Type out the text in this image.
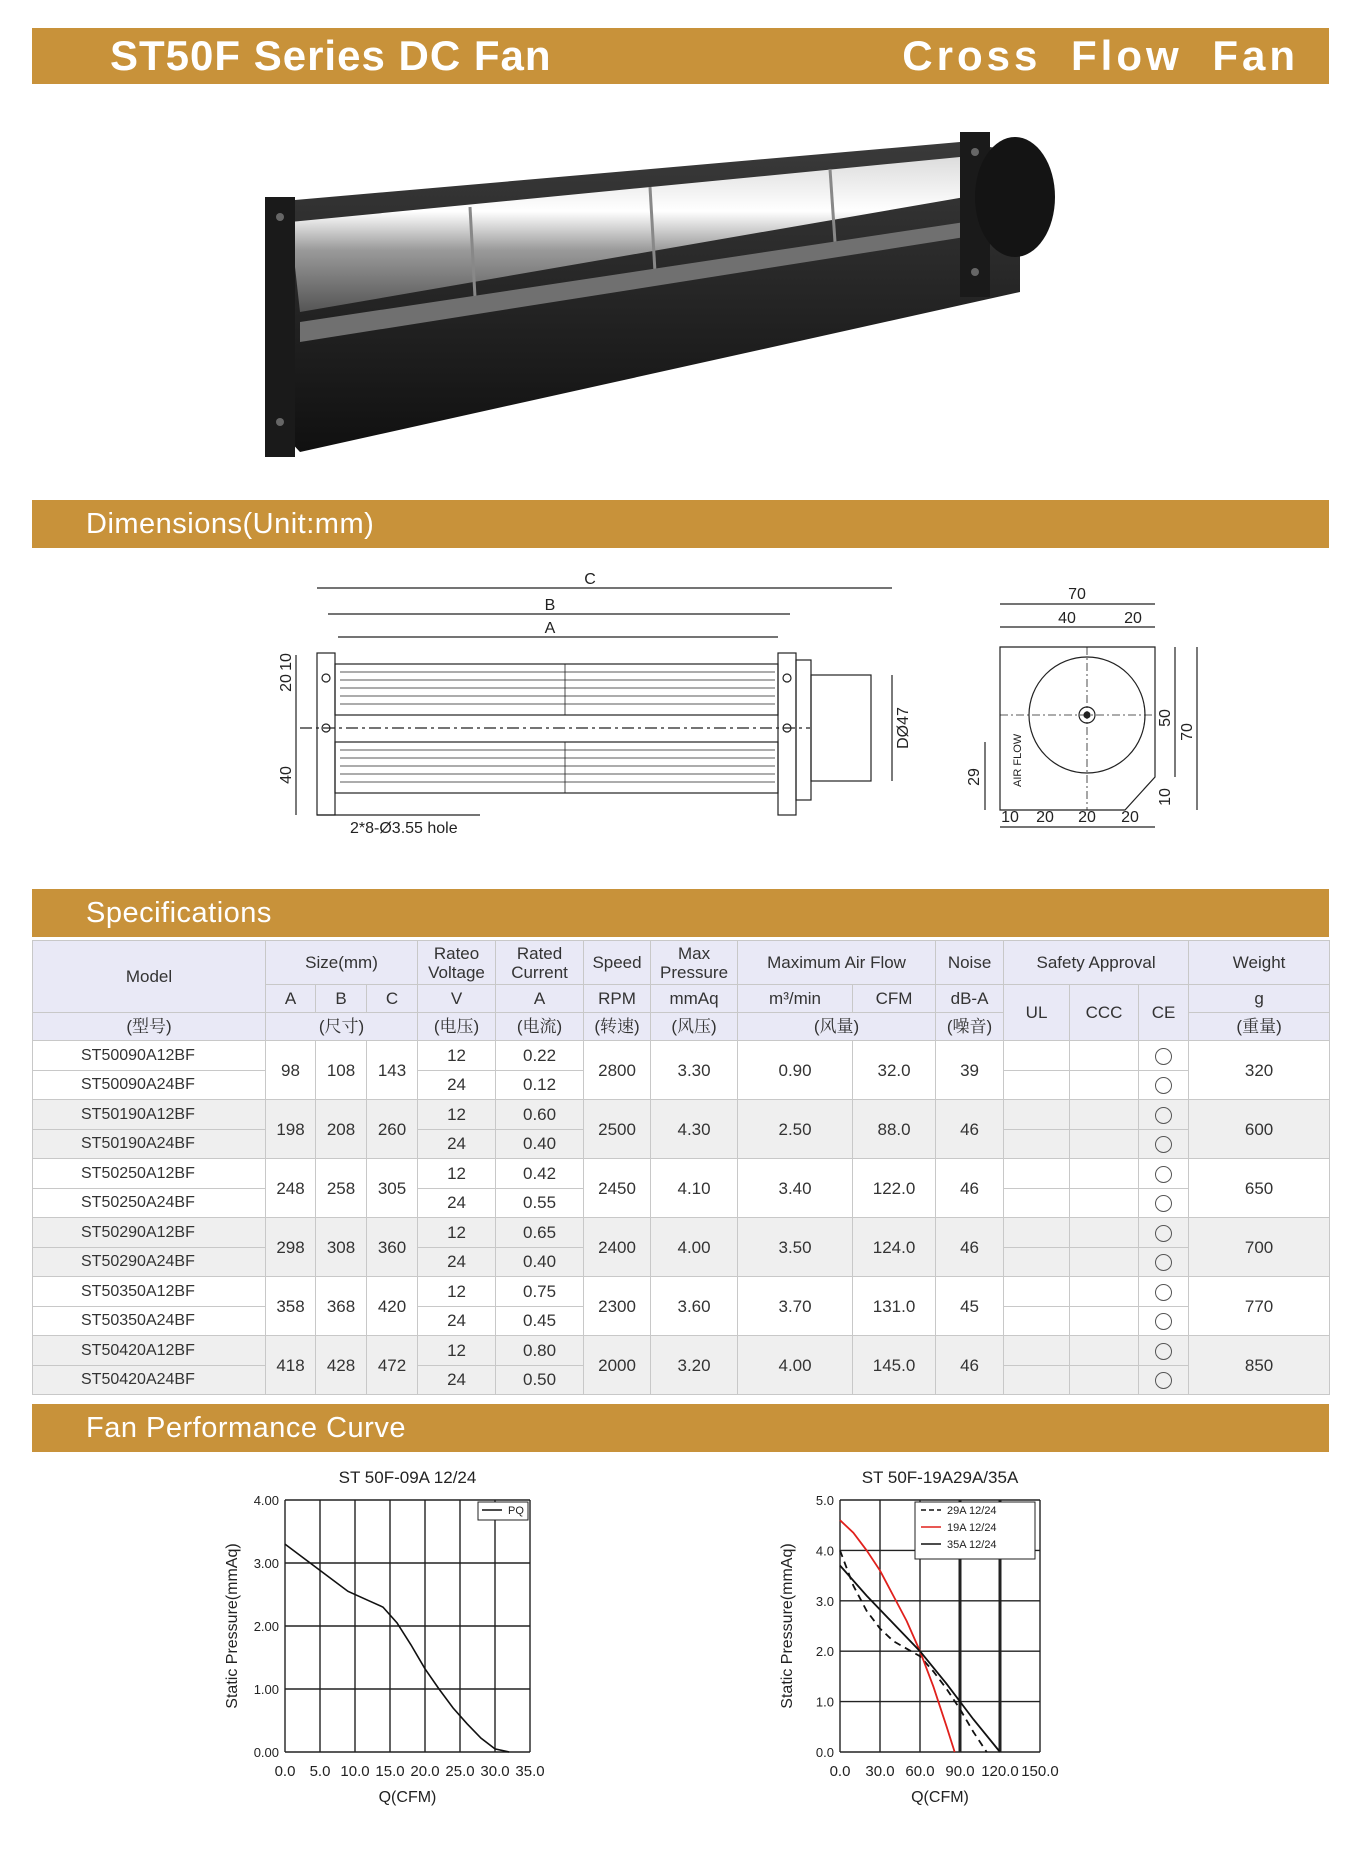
ST50F Series DC Fan	Cross Flow Fan
Dimensions(Unit:mm)
C
B
A
DØ47
20
10
40
2*8-Ø3.55 hole
70
40	20
AIR FLOW
50
70
10
29
10 20 20 20
Specifications
Model	Size(mm)			Rateo Voltage	Rated Current	Speed	Max Pressure	Maximum Air Flow		Noise	Safety Approval			Weight
	A	B	C	V	A	RPM	mmAq	m³/min	CFM	dB-A	UL	CCC	CE	g
(型号)	(尺寸)			(电压)	(电流)	(转速)	(风压)	(风量)		(噪音)				(重量)
ST50090A12BF	98	108	143	12	0.22	2800	3.30	0.90	32.0	39				320
ST50090A24BF				24	0.12									
ST50190A12BF	198	208	260	12	0.60	2500	4.30	2.50	88.0	46				600
ST50190A24BF				24	0.40									
ST50250A12BF	248	258	305	12	0.42	2450	4.10	3.40	122.0	46				650
ST50250A24BF				24	0.55									
ST50290A12BF	298	308	360	12	0.65	2400	4.00	3.50	124.0	46				700
ST50290A24BF				24	0.40									
ST50350A12BF	358	368	420	12	0.75	2300	3.60	3.70	131.0	45				770
ST50350A24BF				24	0.45									
ST50420A12BF	418	428	472	12	0.80	2000	3.20	4.00	145.0	46				850
ST50420A24BF				24	0.50									
Fan Performance Curve
ST 50F-09A 12/24
0.0 5.0 10.0 15.0 20.0 25.0 30.0 35.0
0.00
1.00
2.00
3.00
4.00
Q(CFM)
Static Pressure(mmAq)
PQ
ST 50F-19A29A/35A
0.0 30.0 60.0 90.0 120.0 150.0
0.0
1.0
2.0
3.0
4.0
5.0
Q(CFM)
Static Pressure(mmAq)
29A 12/24
19A 12/24
35A 12/24
